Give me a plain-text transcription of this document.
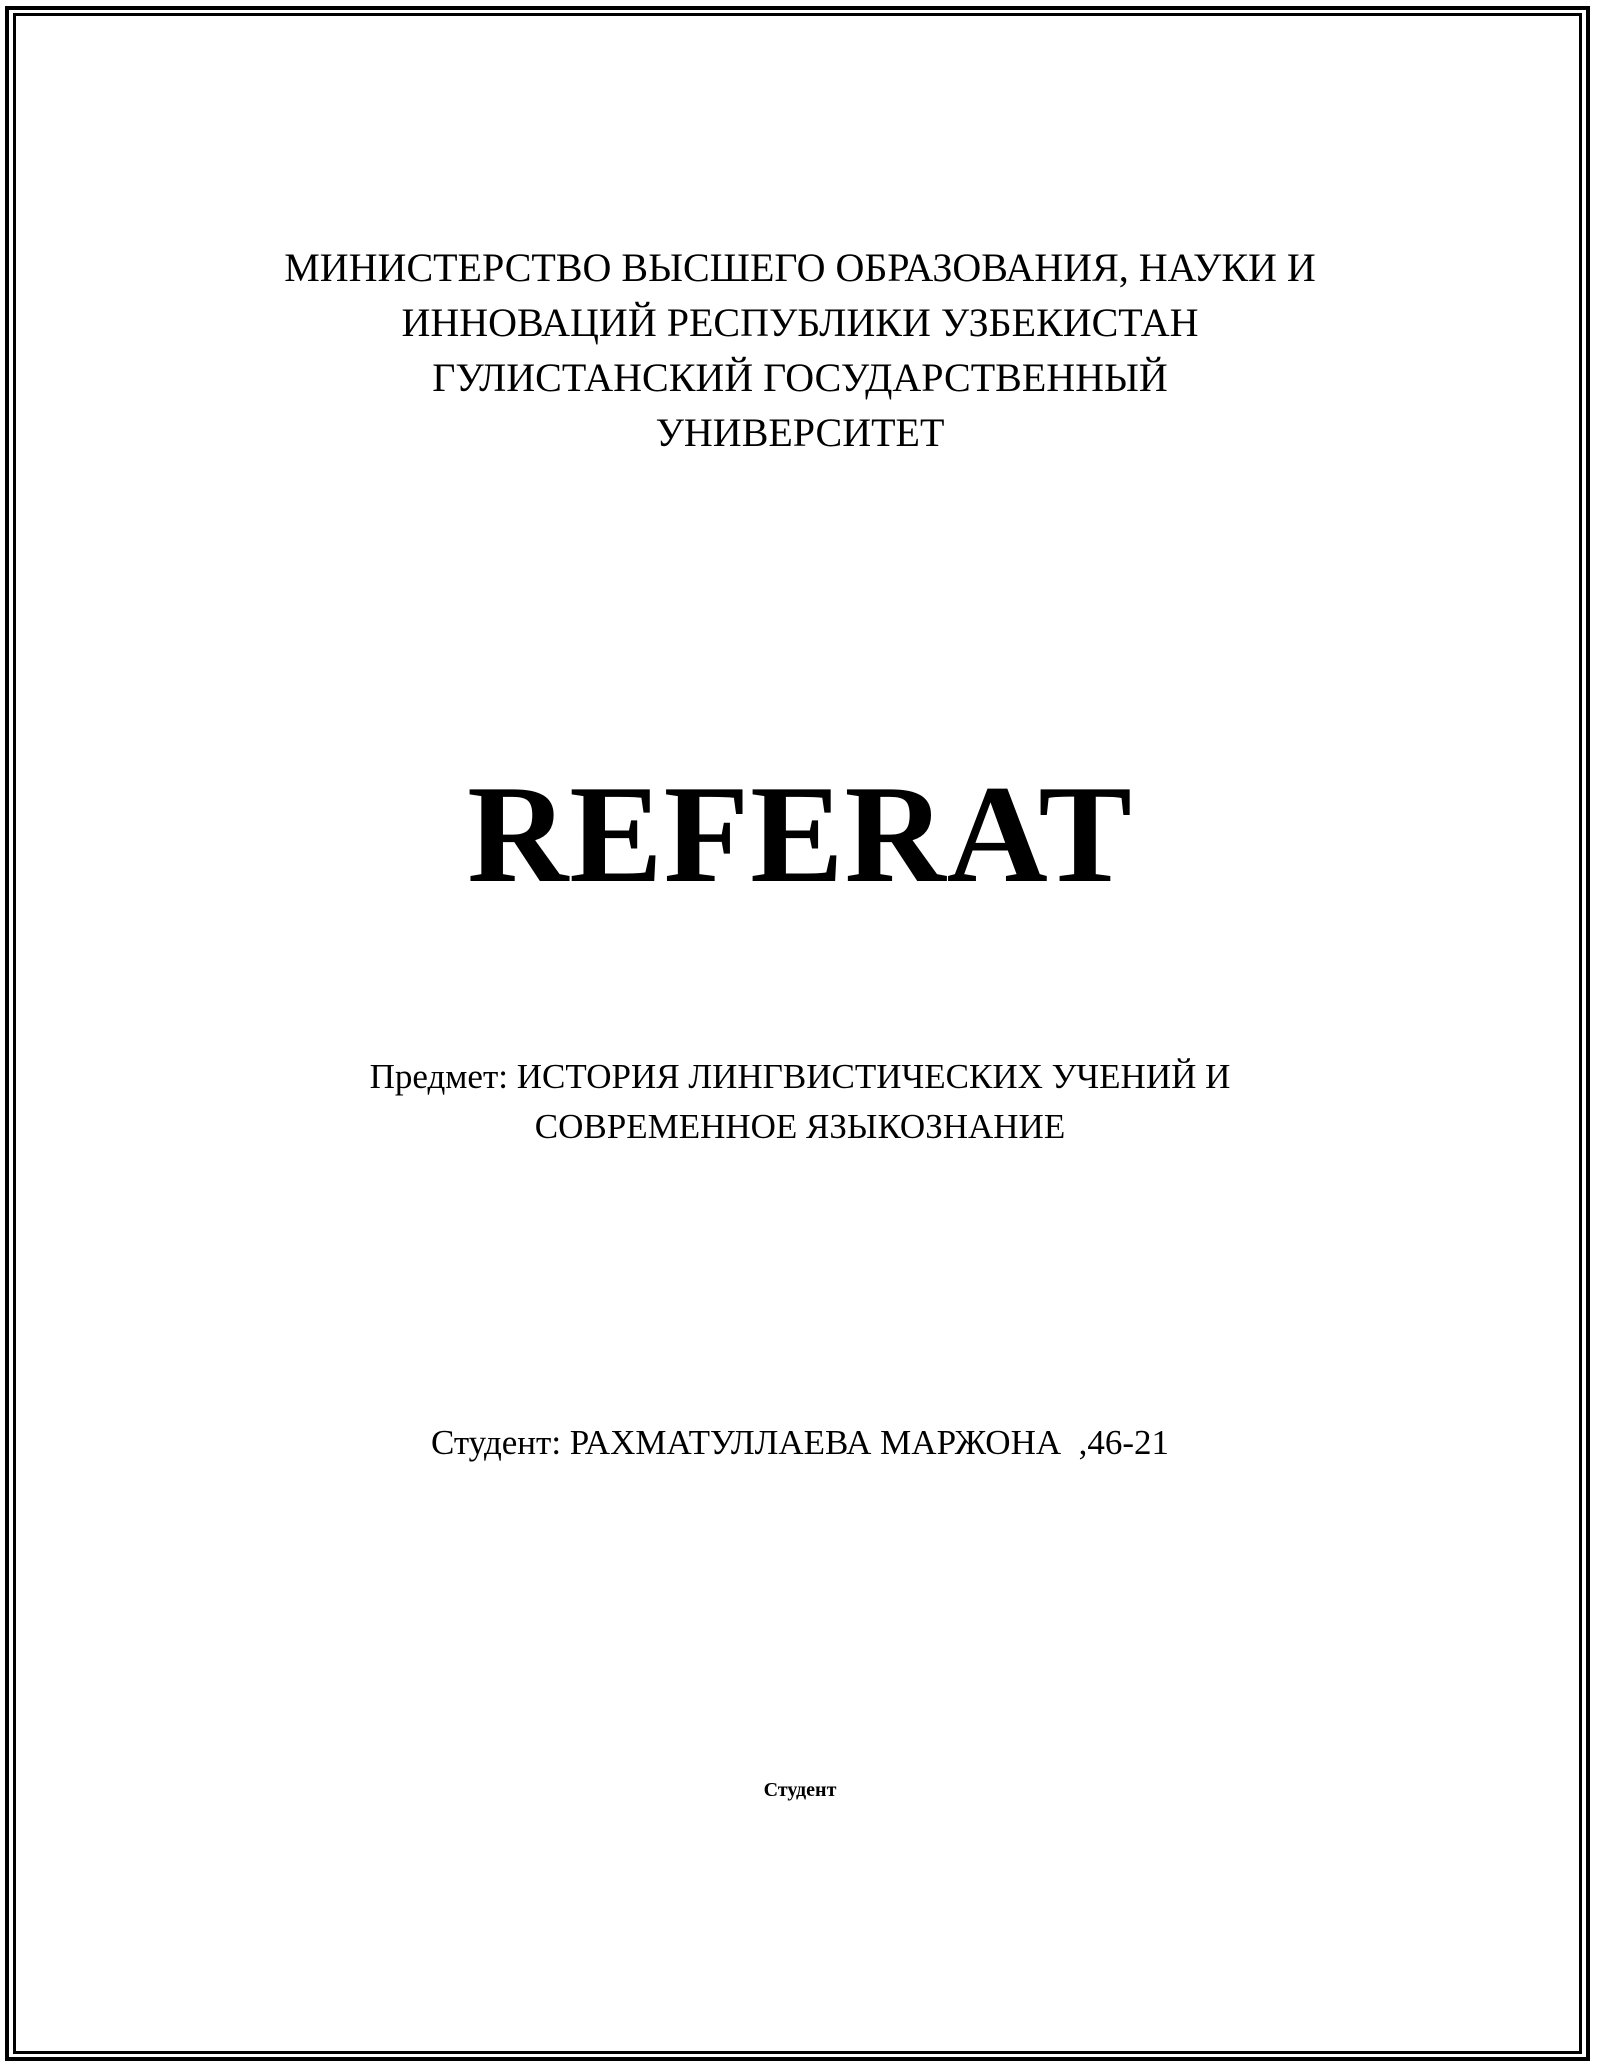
МИНИСТЕРСТВО ВЫСШЕГО ОБРАЗОВАНИЯ, НАУКИ И
ИННОВАЦИЙ РЕСПУБЛИКИ УЗБЕКИСТАН
ГУЛИСТАНСКИЙ ГОСУДАРСТВЕННЫЙ
УНИВЕРСИТЕТ
REFERAT
Предмет: ИСТОРИЯ ЛИНГВИСТИЧЕСКИХ УЧЕНИЙ И
СОВРЕМЕННОЕ ЯЗЫКОЗНАНИЕ
Студент: РАХМАТУЛЛАЕВА МАРЖОНА  ,46-21
Студент
